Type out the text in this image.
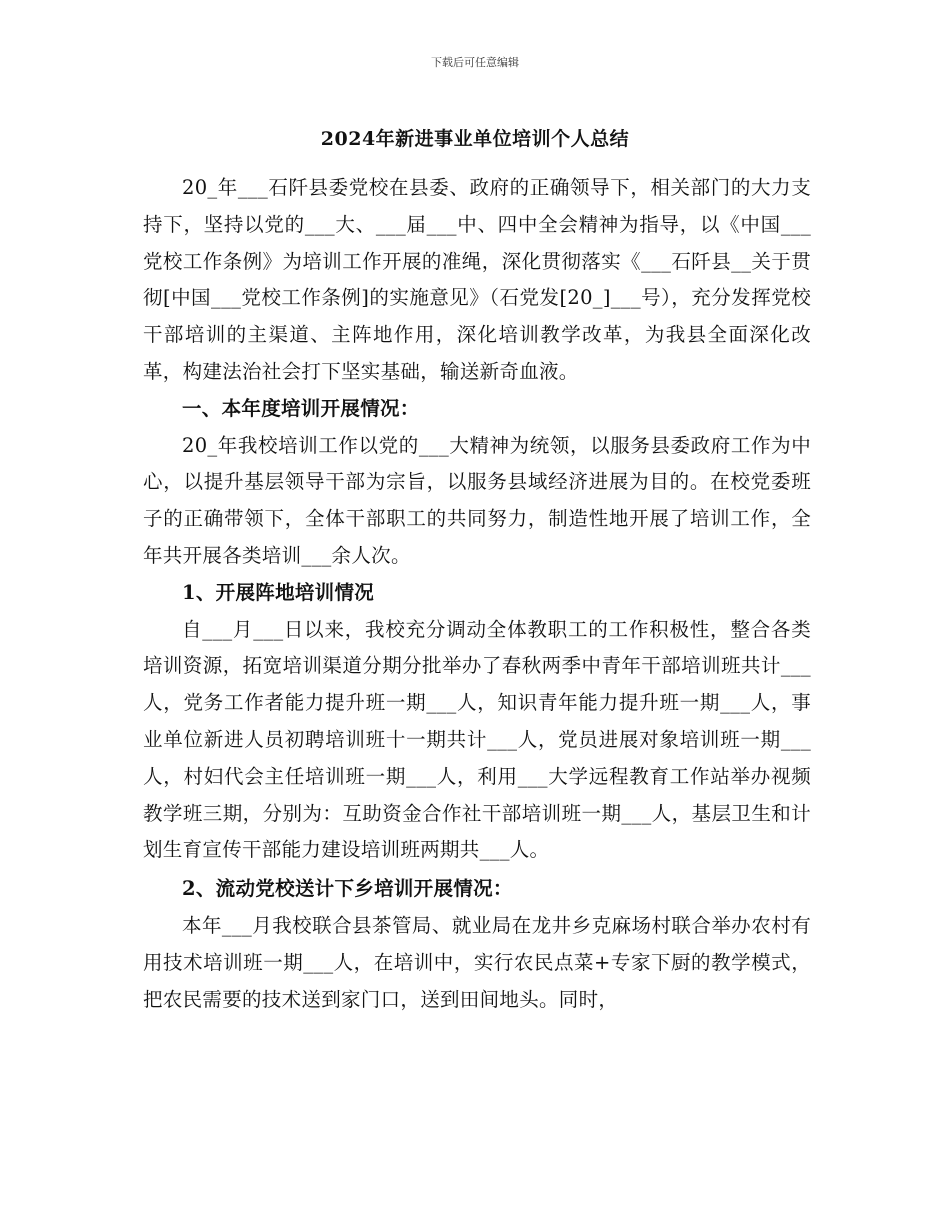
下载后可任意编辑
2024年新进事业单位培训个人总结

20_年___石阡县委党校在县委、政府的正确领导下，相关部门的大力支持下，坚持以党的___大、___届___中、四中全会精神为指导，以《中国___党校工作条例》为培训工作开展的准绳，深化贯彻落实《___石阡县__关于贯彻[中国___党校工作条例]的实施意见》（石党发[20_]___号），充分发挥党校干部培训的主渠道、主阵地作用，深化培训教学改革，为我县全面深化改革，构建法治社会打下坚实基础，输送新奇血液。

一、本年度培训开展情况：

20_年我校培训工作以党的___大精神为统领，以服务县委政府工作为中心，以提升基层领导干部为宗旨，以服务县域经济进展为目的。在校党委班子的正确带领下，全体干部职工的共同努力，制造性地开展了培训工作，全年共开展各类培训___余人次。

1、开展阵地培训情况

自___月___日以来，我校充分调动全体教职工的工作积极性，整合各类培训资源，拓宽培训渠道分期分批举办了春秋两季中青年干部培训班共计___人，党务工作者能力提升班一期___人，知识青年能力提升班一期___人，事业单位新进人员初聘培训班十一期共计___人，党员进展对象培训班一期___人，村妇代会主任培训班一期___人，利用___大学远程教育工作站举办视频教学班三期，分别为：互助资金合作社干部培训班一期___人，基层卫生和计划生育宣传干部能力建设培训班两期共___人。

2、流动党校送计下乡培训开展情况：

本年___月我校联合县茶管局、就业局在龙井乡克麻场村联合举办农村有用技术培训班一期___人，在培训中，实行农民点菜+专家下厨的教学模式，把农民需要的技术送到家门口，送到田间地头。同时，
